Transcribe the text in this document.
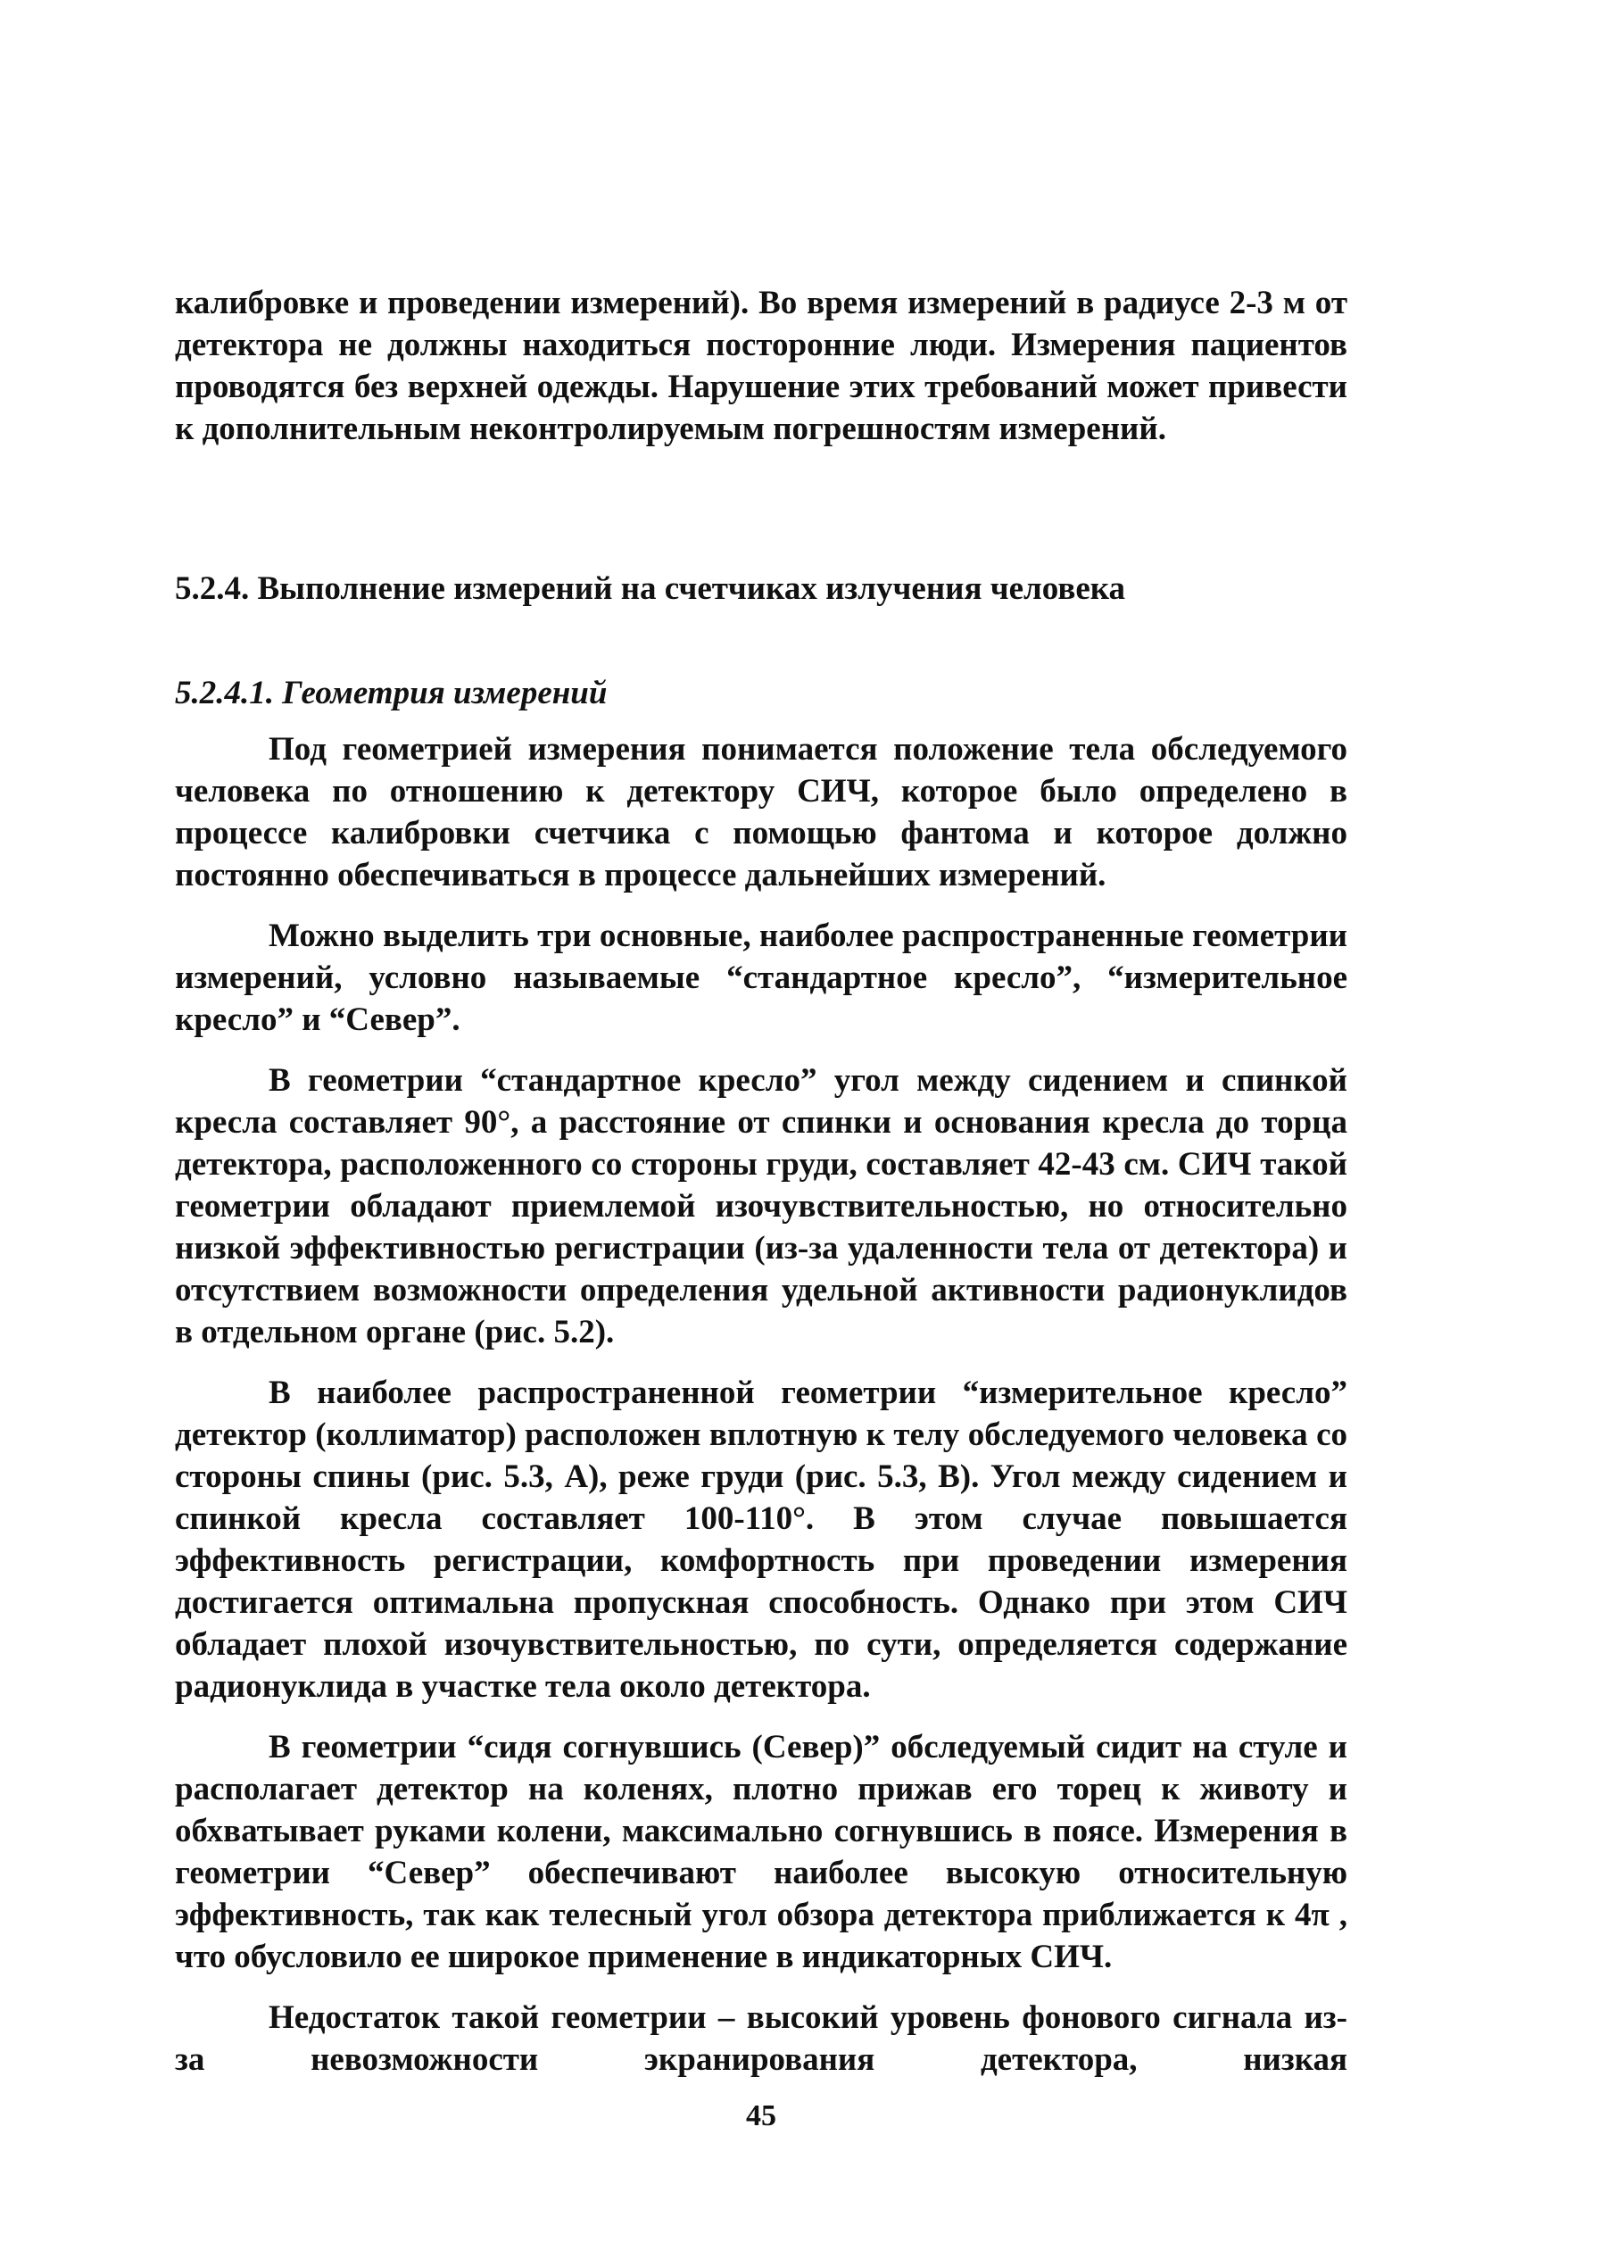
калибровке и проведении измерений). Во время измерений в радиусе 2-3 м от детектора не должны находиться посторонние люди. Измерения пациентов проводятся без верхней одежды. Нарушение этих требований может привести к дополнительным неконтролируемым погрешностям измерений.

5.2.4. Выполнение измерений на счетчиках излучения человека

5.2.4.1. Геометрия измерений

Под геометрией измерения понимается положение тела обследуемого человека по отношению к детектору СИЧ, которое было определено в процессе калибровки счетчика с помощью фантома и которое должно постоянно обеспечиваться в процессе дальнейших измерений.

Можно выделить три основные, наиболее распространенные геометрии измерений, условно называемые “стандартное кресло”, “измерительное кресло” и “Север”.

В геометрии “стандартное кресло” угол между сидением и спинкой кресла составляет 90°, а расстояние от спинки и основания кресла до торца детектора, расположенного со стороны груди, составляет 42-43 см. СИЧ такой геометрии обладают приемлемой изочувствительностью, но относительно низкой эффективностью регистрации (из-за удаленности тела от детектора) и отсутствием возможности определения удельной активности радионуклидов в отдельном органе (рис. 5.2).

В наиболее распространенной геометрии “измерительное кресло” детектор (коллиматор) расположен вплотную к телу обследуемого человека со стороны спины (рис. 5.3, А), реже груди (рис. 5.3, В). Угол между сидением и спинкой кресла составляет 100-110°. В этом случае повышается эффективность регистрации, комфортность при проведении измерения достигается оптимальна пропускная способность. Однако при этом СИЧ обладает плохой изочувствительностью, по сути, определяется содержание радионуклида в участке тела около детектора.

В геометрии “сидя согнувшись (Север)” обследуемый сидит на стуле и располагает детектор на коленях, плотно прижав его торец к животу и обхватывает руками колени, максимально согнувшись в поясе. Измерения в геометрии “Север” обеспечивают наиболее высокую относительную эффективность, так как телесный угол обзора детектора приближается к 4π , что обусловило ее широкое применение в индикаторных СИЧ.

Недостаток такой геометрии – высокий уровень фонового сигнала из-за невозможности экранирования детектора, низкая

45
